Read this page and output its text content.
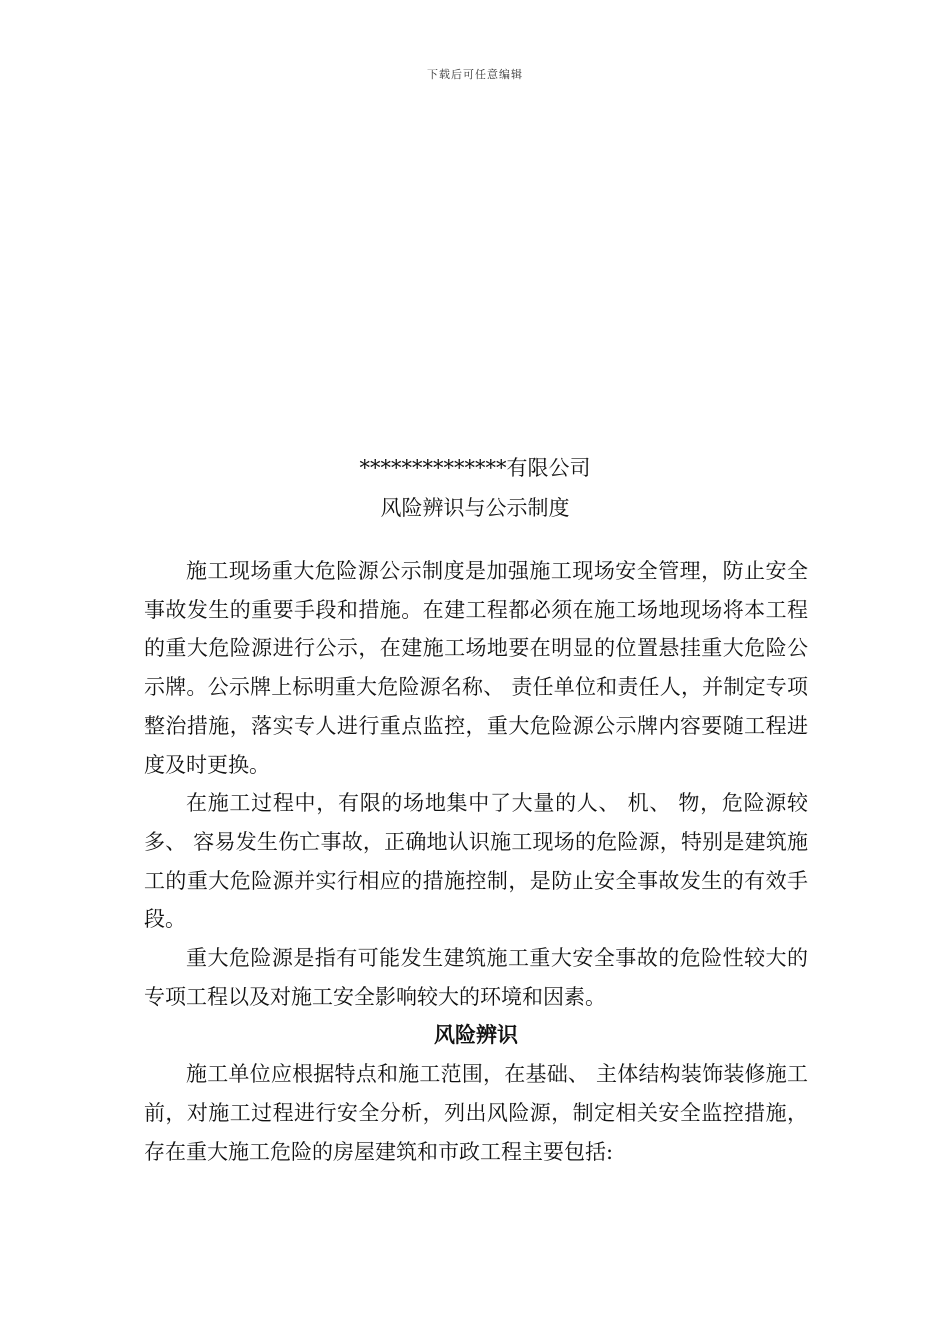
下载后可任意编辑
**************有限公司
风险辨识与公示制度

施工现场重大危险源公示制度是加强施工现场安全管理，防止安全事故发生的重要手段和措施。在建工程都必须在施工场地现场将本工程的重大危险源进行公示，在建施工场地要在明显的位置悬挂重大危险公示牌。公示牌上标明重大危险源名称、 责任单位和责任人，并制定专项整治措施，落实专人进行重点监控，重大危险源公示牌内容要随工程进度及时更换。

在施工过程中，有限的场地集中了大量的人、 机、 物，危险源较多、 容易发生伤亡事故，正确地认识施工现场的危险源，特别是建筑施工的重大危险源并实行相应的措施控制，是防止安全事故发生的有效手段。

重大危险源是指有可能发生建筑施工重大安全事故的危险性较大的专项工程以及对施工安全影响较大的环境和因素。

风险辨识

施工单位应根据特点和施工范围，在基础、 主体结构装饰装修施工前，对施工过程进行安全分析，列出风险源，制定相关安全监控措施，存在重大施工危险的房屋建筑和市政工程主要包括:
